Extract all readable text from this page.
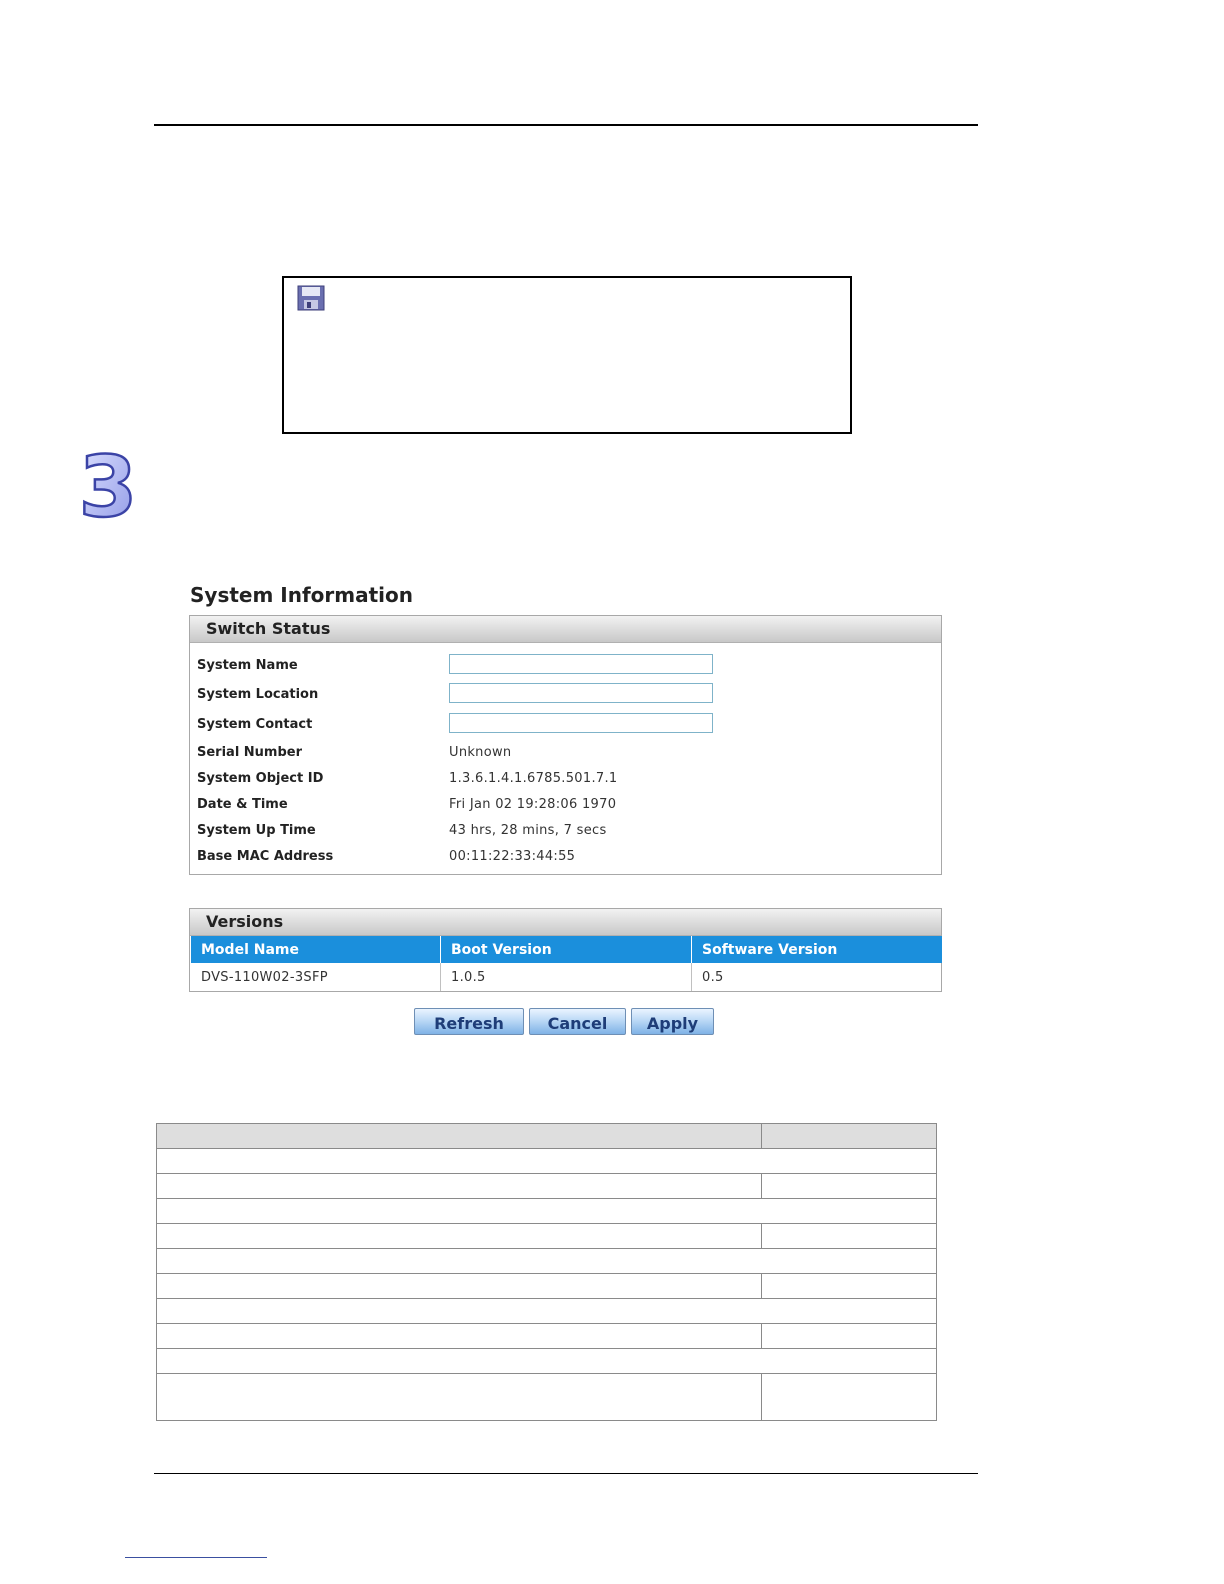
3
System Information
Switch Status
System Name
System Location
System Contact
Serial Number	Unknown
System Object ID	1.3.6.1.4.1.6785.501.7.1
Date & Time	Fri Jan 02 19:28:06 1970
System Up Time	43 hrs, 28 mins, 7 secs
Base MAC Address	00:11:22:33:44:55
Versions
Model Name	Boot Version	Software Version
DVS-110W02-3SFP	1.0.5	0.5
Refresh	Cancel	Apply
